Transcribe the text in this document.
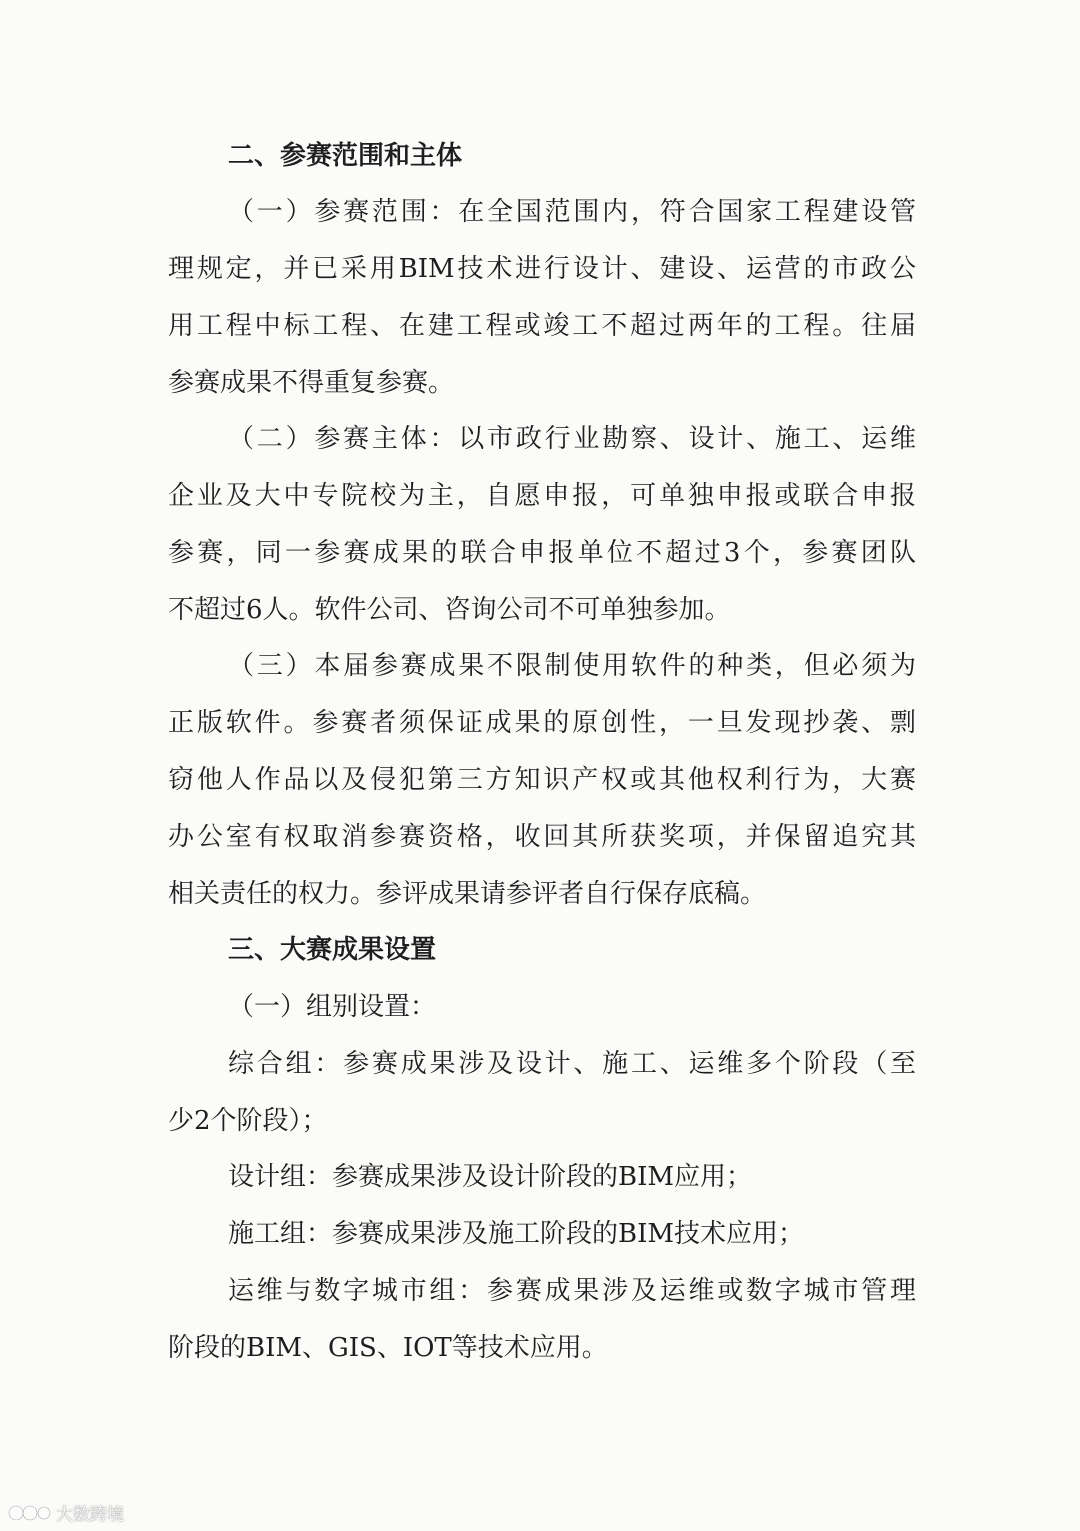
二、参赛范围和主体
（一）参赛范围：在全国范围内，符合国家工程建设管
理规定，并已采用BIM技术进行设计、建设、运营的市政公
用工程中标工程、在建工程或竣工不超过两年的工程。往届
参赛成果不得重复参赛。
（二）参赛主体：以市政行业勘察、设计、施工、运维
企业及大中专院校为主，自愿申报，可单独申报或联合申报
参赛，同一参赛成果的联合申报单位不超过3个，参赛团队
不超过6人。软件公司、咨询公司不可单独参加。
（三）本届参赛成果不限制使用软件的种类，但必须为
正版软件。参赛者须保证成果的原创性，一旦发现抄袭、剽
窃他人作品以及侵犯第三方知识产权或其他权利行为，大赛
办公室有权取消参赛资格，收回其所获奖项，并保留追究其
相关责任的权力。参评成果请参评者自行保存底稿。
三、大赛成果设置
（一）组别设置：
综合组：参赛成果涉及设计、施工、运维多个阶段（至
少2个阶段）；
设计组：参赛成果涉及设计阶段的BIM应用；
施工组：参赛成果涉及施工阶段的BIM技术应用；
运维与数字城市组：参赛成果涉及运维或数字城市管理
阶段的BIM、GIS、IOT等技术应用。
大数跨境
